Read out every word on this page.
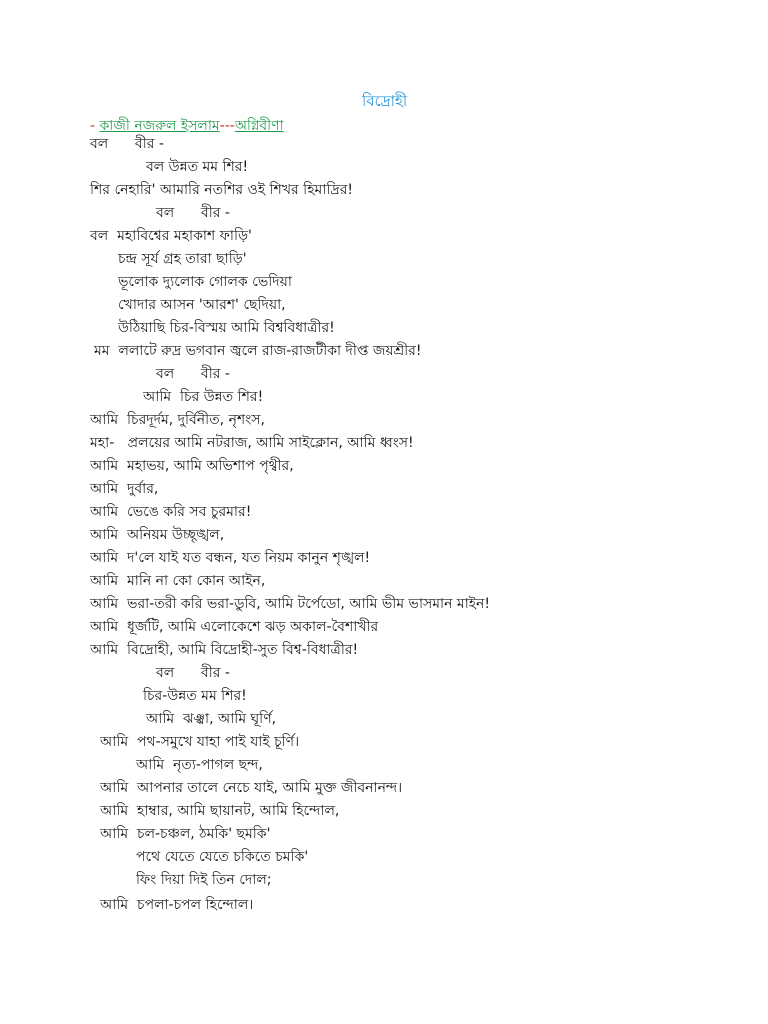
বিদ্রোহী
- কাজী নজরুল ইসলাম---অগ্নিবীণা
বল      বীর -
বল উন্নত মম শির!
শির নেহারি' আমারি নতশির ওই শিখর হিমাদ্রির!
বল      বীর -
বল  মহাবিশ্বের মহাকাশ ফাড়ি'
চন্দ্র সূর্য গ্রহ তারা ছাড়ি'
ভূলোক দ্যুলোক গোলক ভেদিয়া
খোদার আসন 'আরশ' ছেদিয়া,
উঠিয়াছি চির-বিস্ময় আমি বিশ্ববিধাত্রীর!
মম  ললাটে রুদ্র ভগবান জ্বলে রাজ-রাজটীকা দীপ্ত জয়শ্রীর!
বল      বীর -
আমি  চির উন্নত শির!
আমি  চিরদূর্দম, দুর্বিনীত, নৃশংস,
মহা-   প্রলয়ের আমি নটরাজ, আমি সাইক্লোন, আমি ধ্বংস!
আমি  মহাভয়, আমি অভিশাপ পৃথ্বীর,
আমি  দুর্বার,
আমি  ভেঙে করি সব চুরমার!
আমি  অনিয়ম উচ্ছৃঙ্খল,
আমি  দ'লে যাই যত বন্ধন, যত নিয়ম কানুন শৃঙ্খল!
আমি  মানি না কো কোন আইন,
আমি  ভরা-তরী করি ভরা-ডুবি, আমি টর্পেডো, আমি ভীম ভাসমান মাইন!
আমি  ধূর্জটি, আমি এলোকেশে ঝড় অকাল-বৈশাখীর
আমি  বিদ্রোহী, আমি বিদ্রোহী-সুত বিশ্ব-বিধাত্রীর!
বল      বীর -
চির-উন্নত মম শির!
আমি  ঝঞ্ঝা, আমি ঘূর্ণি,
আমি  পথ-সমুখে যাহা পাই যাই চূর্ণি।
আমি  নৃত্য-পাগল ছন্দ,
আমি  আপনার তালে নেচে যাই, আমি মুক্ত জীবনানন্দ।
আমি  হাম্বার, আমি ছায়ানট, আমি হিন্দোল,
আমি  চল-চঞ্চল, ঠমকি' ছমকি'
পথে যেতে যেতে চকিতে চমকি'
ফিং দিয়া দিই তিন দোল;
আমি  চপলা-চপল হিন্দোল।
